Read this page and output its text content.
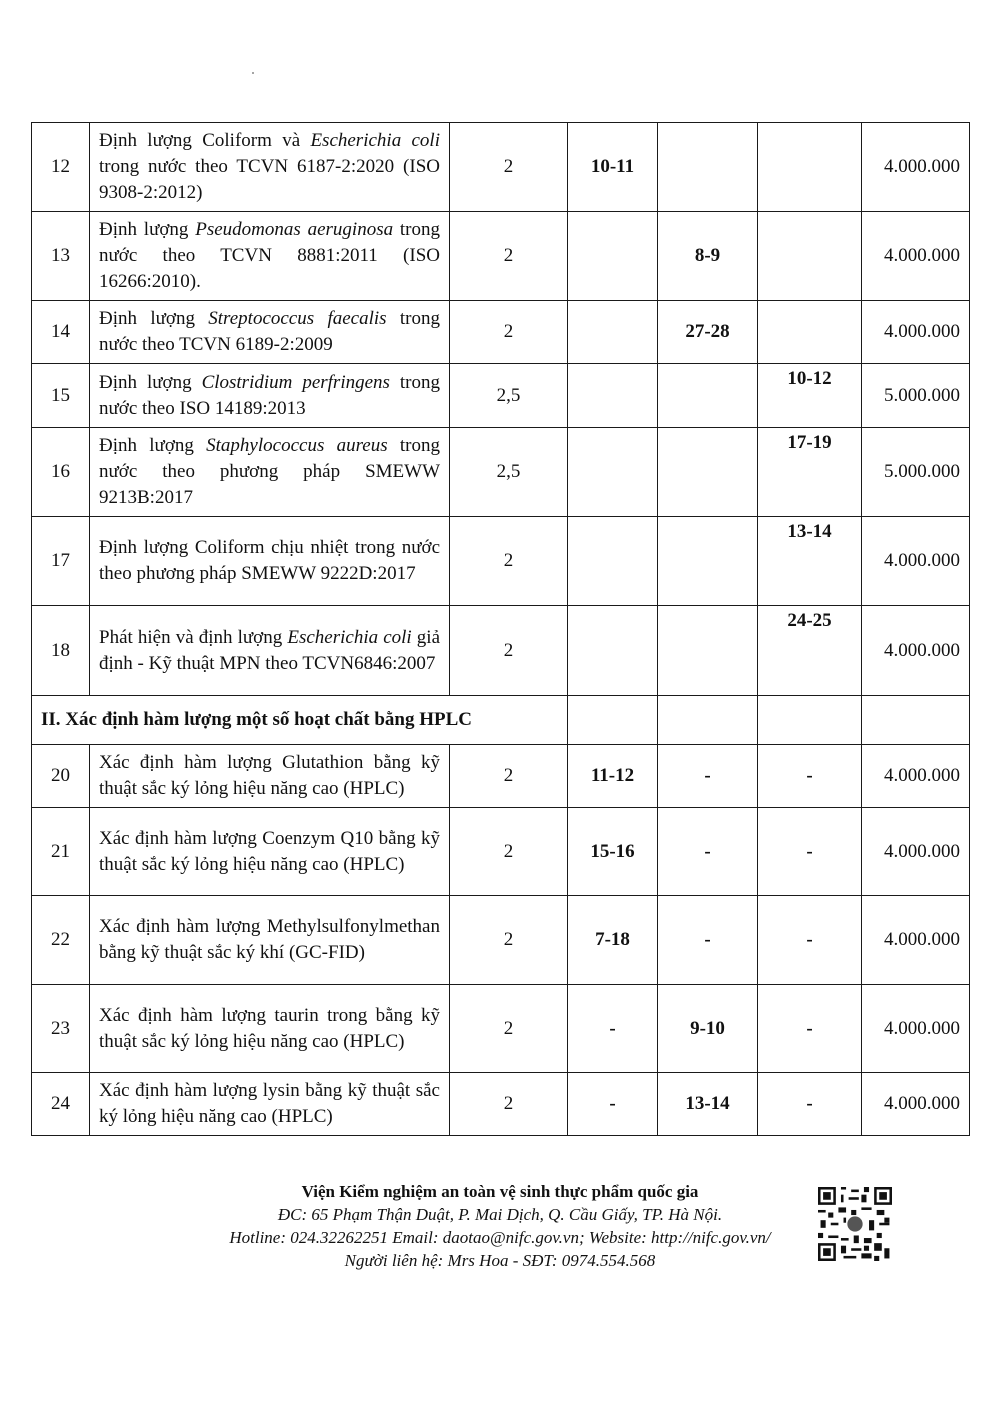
12	Định lượng Coliform và Escherichia coli trong nước theo TCVN 6187-2:2020 (ISO 9308-2:2012)	2	10-11			4.000.000
13	Định lượng Pseudomonas aeruginosa trong nước theo TCVN 8881:2011 (ISO 16266:2010).	2		8-9		4.000.000
14	Định lượng Streptococcus faecalis trong nước theo TCVN 6189-2:2009	2		27-28		4.000.000
15	Định lượng Clostridium perfringens trong nước theo ISO 14189:2013	2,5			10-12	5.000.000
16	Định lượng Staphylococcus aureus trong nước theo phương pháp SMEWW 9213B:2017	2,5			17-19	5.000.000
17	Định lượng Coliform chịu nhiệt trong nước theo phương pháp SMEWW 9222D:2017	2			13-14	4.000.000
18	Phát hiện và định lượng Escherichia coli giả định - Kỹ thuật MPN theo TCVN6846:2007	2			24-25	4.000.000
II. Xác định hàm lượng một số hoạt chất bằng HPLC						
20	Xác định hàm lượng Glutathion bằng kỹ thuật sắc ký lỏng hiệu năng cao (HPLC)	2	11-12	-	-	4.000.000
21	Xác định hàm lượng Coenzym Q10 bằng kỹ thuật sắc ký lỏng hiệu năng cao (HPLC)	2	15-16	-	-	4.000.000
22	Xác định hàm lượng Methylsulfonylmethan bằng kỹ thuật sắc ký khí (GC-FID)	2	7-18	-	-	4.000.000
23	Xác định hàm lượng taurin trong bằng kỹ thuật sắc ký lỏng hiệu năng cao (HPLC)	2	-	9-10	-	4.000.000
24	Xác định hàm lượng lysin bằng kỹ thuật sắc ký lỏng hiệu năng cao (HPLC)	2	-	13-14	-	4.000.000
Viện Kiểm nghiệm an toàn vệ sinh thực phẩm quốc gia
ĐC: 65 Phạm Thận Duật, P. Mai Dịch, Q. Cầu Giấy, TP. Hà Nội.
Hotline: 024.32262251 Email: daotao@nifc.gov.vn; Website: http://nifc.gov.vn/
Người liên hệ: Mrs Hoa - SĐT: 0974.554.568
